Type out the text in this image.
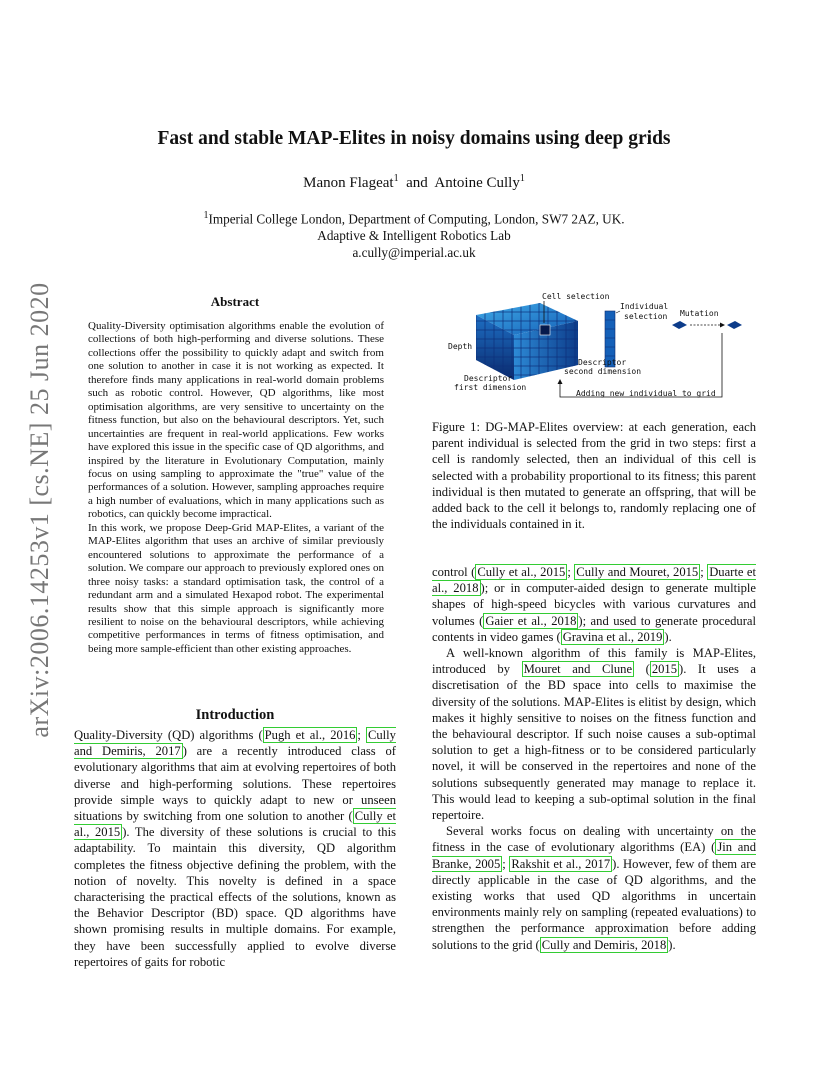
arXiv:2006.14253v1 [cs.NE] 25 Jun 2020
Fast and stable MAP-Elites in noisy domains using deep grids
Manon Flageat$^1$ and Antoine Cully$^1$
$^1$Imperial College London, Department of Computing, London, SW7 2AZ, UK.
Adaptive & Intelligent Robotics Lab
a.cully@imperial.ac.uk
Abstract

Quality-Diversity optimisation algorithms enable the evolution of collections of both high-performing and diverse solutions. These collections offer the possibility to quickly adapt and switch from one solution to another in case it is not working as expected. It therefore finds many applications in real-world domain problems such as robotic control. However, QD algorithms, like most optimisation algorithms, are very sensitive to uncertainty on the fitness function, but also on the behavioural descriptors. Yet, such uncertainties are frequent in real-world applications. Few works have explored this issue in the specific case of QD algorithms, and inspired by the literature in Evolutionary Computation, mainly focus on using sampling to approximate the "true" value of the performances of a solution. However, sampling approaches require a high number of evaluations, which in many applications such as robotics, can quickly become impractical.

In this work, we propose Deep-Grid MAP-Elites, a variant of the MAP-Elites algorithm that uses an archive of similar previously encountered solutions to approximate the performance of a solution. We compare our approach to previously explored ones on three noisy tasks: a standard optimisation task, the control of a redundant arm and a simulated Hexapod robot. The experimental results show that this simple approach is significantly more resilient to noise on the behavioural descriptors, while achieving competitive performances in terms of fitness optimisation, and being more sample-efficient than other existing approaches.

Introduction
Quality-Diversity (QD) algorithms ( Pugh et al., 2016 ; Cully and Demiris, 2017 ) are a recently introduced class of evolutionary algorithms that aim at evolving repertoires of both diverse and high-performing solutions. These repertoires provide simple ways to quickly adapt to new or unseen situations by switching from one solution to another ( Cully et al., 2015 ). The diversity of these solutions is crucial to this adaptability. To maintain this diversity, QD algorithm completes the fitness objective defining the problem, with the notion of novelty. This novelty is defined in a space characterising the practical effects of the solutions, known as the Behavior Descriptor (BD) space. QD algorithms have shown promising results in multiple domains. For example, they have been successfully applied to evolve diverse repertoires of gaits for robotic
Cell selection
Individual
selection Mutation
Adding new individual to grid
Depth
Descriptor
first dimension
Descriptor
second dimension
Figure 1: DG-MAP-Elites overview: at each generation, each parent individual is selected from the grid in two steps: first a cell is randomly selected, then an individual of this cell is selected with a probability proportional to its fitness; this parent individual is then mutated to generate an offspring, that will be added back to the cell it belongs to, randomly replacing one of the individuals contained in it.

control ( Cully et al., 2015 ; Cully and Mouret, 2015 ; Duarte et al., 2018 ); or in computer-aided design to generate multiple shapes of high-speed bicycles with various curvatures and volumes ( Gaier et al., 2018 ); and used to generate procedural contents in video games ( Gravina et al., 2019 ).

A well-known algorithm of this family is MAP-Elites, introduced by Mouret and Clune ( 2015 ). It uses a discretisation of the BD space into cells to maximise the diversity of the solutions. MAP-Elites is elitist by design, which makes it highly sensitive to noises on the fitness function and the behavioural descriptor. If such noise causes a sub-optimal solution to get a high-fitness or to be considered particularly novel, it will be conserved in the repertoires and none of the solutions subsequently generated may manage to replace it. This would lead to keeping a sub-optimal solution in the final repertoire.

Several works focus on dealing with uncertainty on the fitness in the case of evolutionary algorithms (EA) ( Jin and Branke, 2005 ; Rakshit et al., 2017 ). However, few of them are directly applicable in the case of QD algorithms, and the existing works that used QD algorithms in uncertain environments mainly rely on sampling (repeated evaluations) to strengthen the performance approximation before adding solutions to the grid ( Cully and Demiris, 2018 ).
